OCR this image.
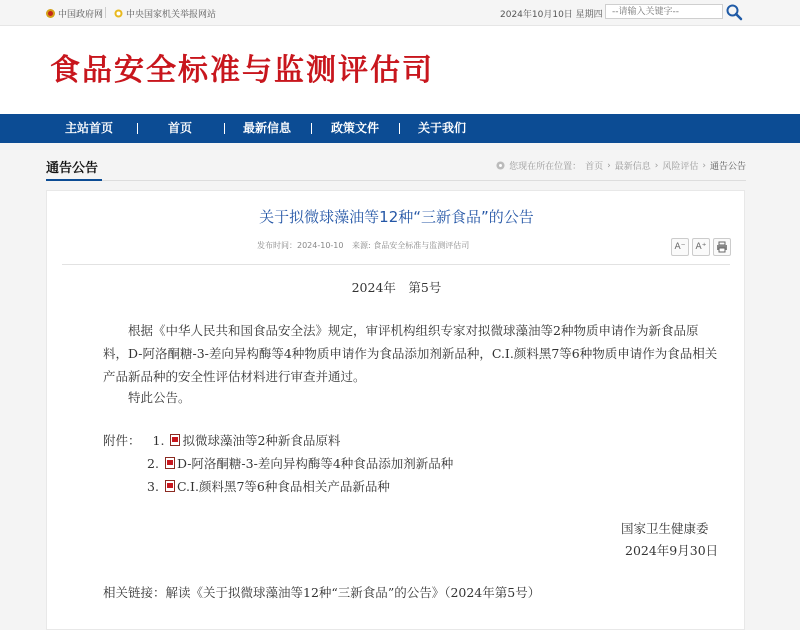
中国政府网	中央国家机关举报网站	2024年10月10日 星期四	--请输入关键字--
食品安全标准与监测评估司
主站首页	首页	最新信息	政策文件	关于我们
通告公告	您现在所在位置： 首页 › 最新信息 › 风险评估 › 通告公告
关于拟微球藻油等12种“三新食品”的公告
发布时间：2024-10-10 来源: 食品安全标准与监测评估司	A⁻	A⁺
2024年　第5号
根据《中华人民共和国食品安全法》规定，审评机构组织专家对拟微球藻油等2种物质申请作为新食品原料，D-阿洛酮糖-3-差向异构酶等4种物质申请作为食品添加剂新品种，C.I.颜料黑7等6种物质申请作为食品相关产品新品种的安全性评估材料进行审查并通过。
特此公告。
附件： 1. 拟微球藻油等2种新食品原料
2. D-阿洛酮糖-3-差向异构酶等4种食品添加剂新品种
3. C.I.颜料黑7等6种食品相关产品新品种
国家卫生健康委
2024年9月30日
相关链接： 解读《关于拟微球藻油等12种“三新食品”的公告》（2024年第5号）
